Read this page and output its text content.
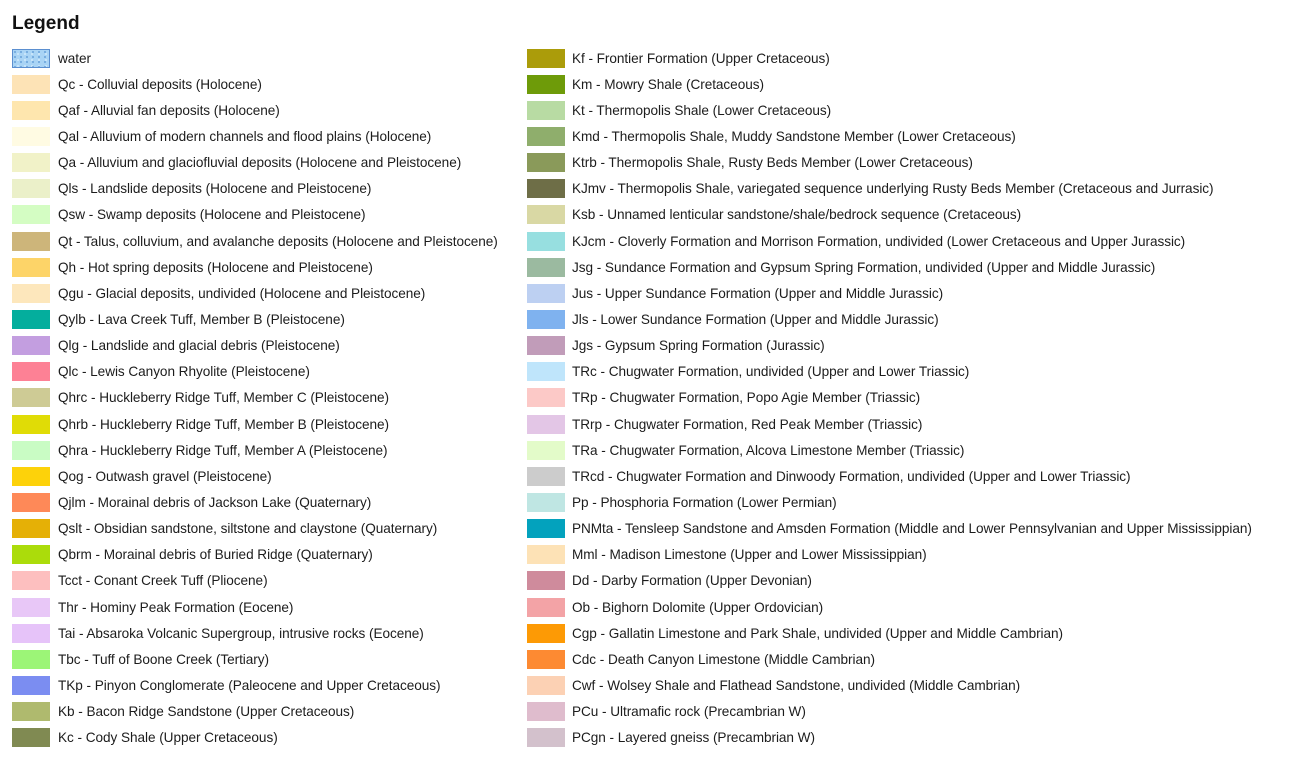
Legend
water
Qc - Colluvial deposits (Holocene)
Qaf - Alluvial fan deposits (Holocene)
Qal - Alluvium of modern channels and flood plains (Holocene)
Qa - Alluvium and glaciofluvial deposits (Holocene and Pleistocene)
Qls - Landslide deposits (Holocene and Pleistocene)
Qsw - Swamp deposits (Holocene and Pleistocene)
Qt - Talus, colluvium, and avalanche deposits (Holocene and Pleistocene)
Qh - Hot spring deposits (Holocene and Pleistocene)
Qgu - Glacial deposits, undivided (Holocene and Pleistocene)
Qylb - Lava Creek Tuff, Member B (Pleistocene)
Qlg - Landslide and glacial debris (Pleistocene)
Qlc - Lewis Canyon Rhyolite (Pleistocene)
Qhrc - Huckleberry Ridge Tuff, Member C (Pleistocene)
Qhrb - Huckleberry Ridge Tuff, Member B (Pleistocene)
Qhra - Huckleberry Ridge Tuff, Member A (Pleistocene)
Qog - Outwash gravel (Pleistocene)
Qjlm - Morainal debris of Jackson Lake (Quaternary)
Qslt - Obsidian sandstone, siltstone and claystone (Quaternary)
Qbrm - Morainal debris of Buried Ridge (Quaternary)
Tcct - Conant Creek Tuff (Pliocene)
Thr - Hominy Peak Formation (Eocene)
Tai - Absaroka Volcanic Supergroup, intrusive rocks (Eocene)
Tbc - Tuff of Boone Creek (Tertiary)
TKp - Pinyon Conglomerate (Paleocene and Upper Cretaceous)
Kb - Bacon Ridge Sandstone (Upper Cretaceous)
Kc - Cody Shale (Upper Cretaceous)
Kf - Frontier Formation (Upper Cretaceous)
Km - Mowry Shale (Cretaceous)
Kt - Thermopolis Shale (Lower Cretaceous)
Kmd - Thermopolis Shale, Muddy Sandstone Member (Lower Cretaceous)
Ktrb - Thermopolis Shale, Rusty Beds Member (Lower Cretaceous)
KJmv - Thermopolis Shale, variegated sequence underlying Rusty Beds Member (Cretaceous and Jurrasic)
Ksb - Unnamed lenticular sandstone/shale/bedrock sequence (Cretaceous)
KJcm - Cloverly Formation and Morrison Formation, undivided (Lower Cretaceous and Upper Jurassic)
Jsg - Sundance Formation and Gypsum Spring Formation, undivided (Upper and Middle Jurassic)
Jus - Upper Sundance Formation (Upper and Middle Jurassic)
Jls - Lower Sundance Formation (Upper and Middle Jurassic)
Jgs - Gypsum Spring Formation (Jurassic)
TRc - Chugwater Formation, undivided (Upper and Lower Triassic)
TRp - Chugwater Formation, Popo Agie Member (Triassic)
TRrp - Chugwater Formation, Red Peak Member (Triassic)
TRa - Chugwater Formation, Alcova Limestone Member (Triassic)
TRcd - Chugwater Formation and Dinwoody Formation, undivided (Upper and Lower Triassic)
Pp - Phosphoria Formation (Lower Permian)
PNMta - Tensleep Sandstone and Amsden Formation (Middle and Lower Pennsylvanian and Upper Mississippian)
Mml - Madison Limestone (Upper and Lower Mississippian)
Dd - Darby Formation (Upper Devonian)
Ob - Bighorn Dolomite (Upper Ordovician)
Cgp - Gallatin Limestone and Park Shale, undivided (Upper and Middle Cambrian)
Cdc - Death Canyon Limestone (Middle Cambrian)
Cwf - Wolsey Shale and Flathead Sandstone, undivided (Middle Cambrian)
PCu - Ultramafic rock (Precambrian W)
PCgn - Layered gneiss (Precambrian W)
